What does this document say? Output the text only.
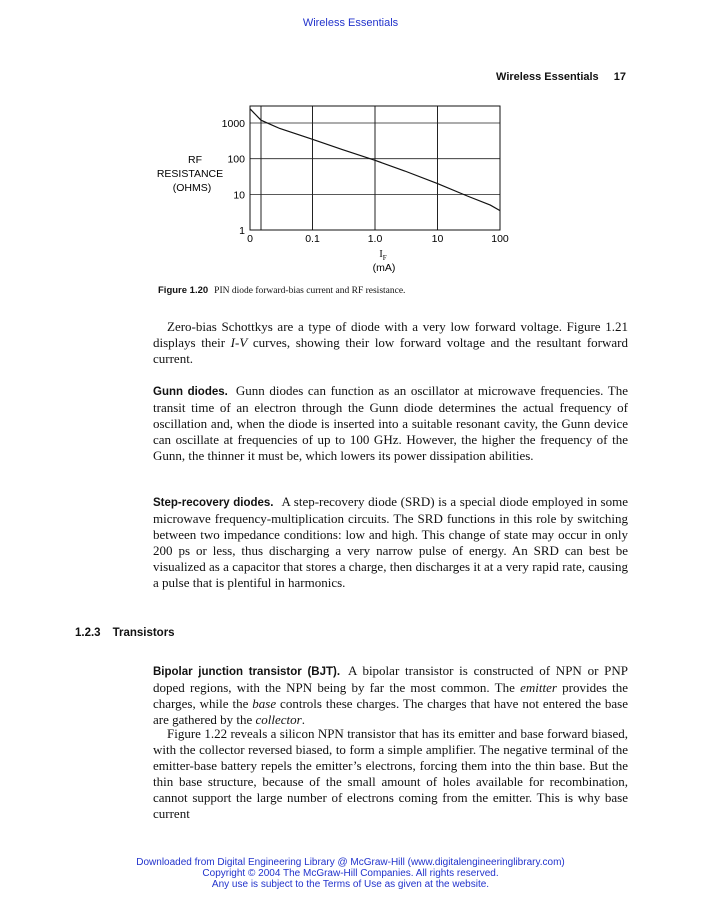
Wireless Essentials
Wireless Essentials 17
RF
RESISTANCE
(OHMS)
1000
100
10
1
0	0.1	1.0	10	100
$I_F$
(mA)
Figure 1.20 PIN diode forward-bias current and RF resistance.

Zero-bias Schottkys are a type of diode with a very low forward voltage. Figure 1.21 displays their I-V curves, showing their low forward voltage and the resultant forward current.

Gunn diodes. Gunn diodes can function as an oscillator at microwave frequencies. The transit time of an electron through the Gunn diode determines the actual frequency of oscillation and, when the diode is inserted into a suitable resonant cavity, the Gunn device can oscillate at frequencies of up to 100 GHz. However, the higher the frequency of the Gunn, the thinner it must be, which lowers its power dissipation abilities.

Step-recovery diodes. A step-recovery diode (SRD) is a special diode employed in some microwave frequency-multiplication circuits. The SRD functions in this role by switching between two impedance conditions: low and high. This change of state may occur in only 200 ps or less, thus discharging a very narrow pulse of energy. An SRD can best be visualized as a capacitor that stores a charge, then discharges it at a very rapid rate, causing a pulse that is plentiful in harmonics.

1.2.3 Transistors

Bipolar junction transistor (BJT). A bipolar transistor is constructed of NPN or PNP doped regions, with the NPN being by far the most common. The emitter provides the charges, while the base controls these charges. The charges that have not entered the base are gathered by the collector.

Figure 1.22 reveals a silicon NPN transistor that has its emitter and base forward biased, with the collector reversed biased, to form a simple amplifier. The negative terminal of the emitter-base battery repels the emitter’s electrons, forcing them into the thin base. But the thin base structure, because of the small amount of holes available for recombination, cannot support the large number of electrons coming from the emitter. This is why base current

Downloaded from Digital Engineering Library @ McGraw-Hill (www.digitalengineeringlibrary.com)
Copyright © 2004 The McGraw-Hill Companies. All rights reserved.
Any use is subject to the Terms of Use as given at the website.
